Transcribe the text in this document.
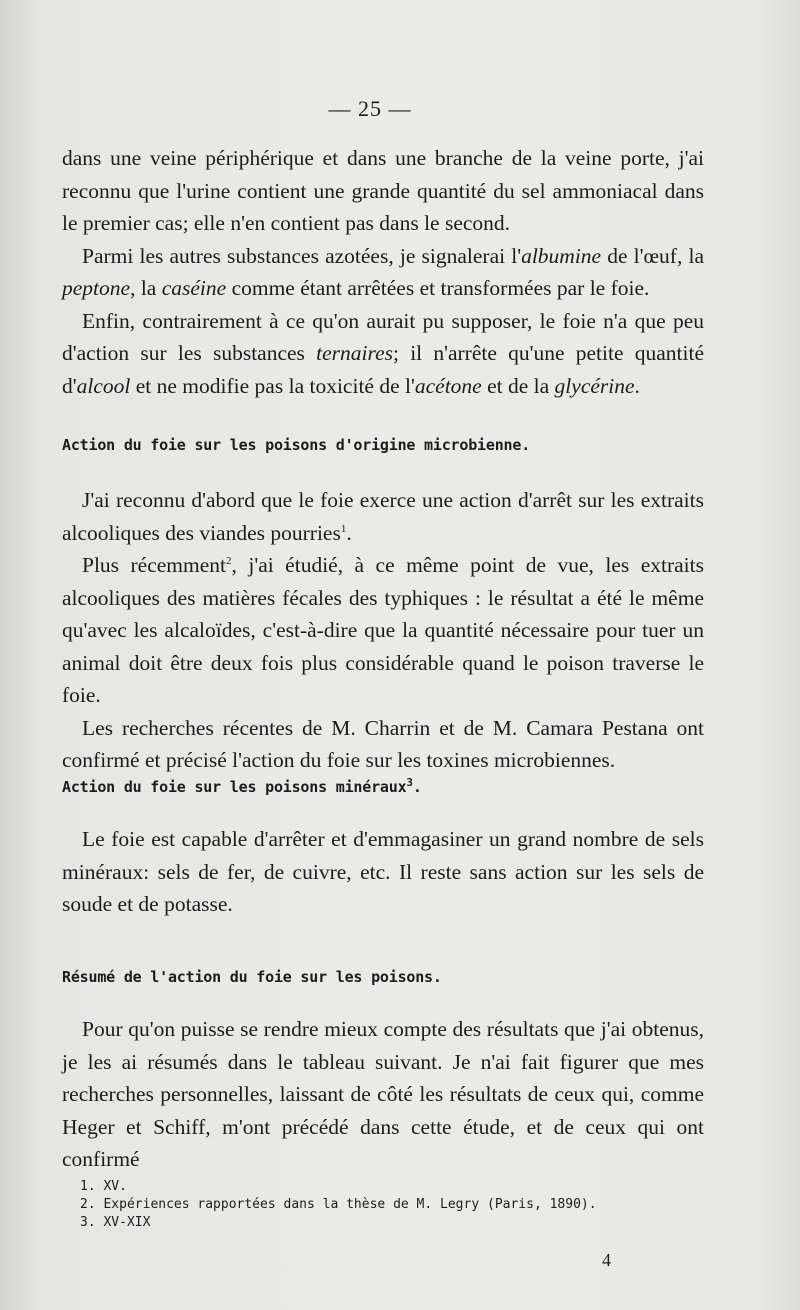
— 25 —

dans une veine périphérique et dans une branche de la veine porte, j'ai reconnu que l'urine contient une grande quantité du sel ammoniacal dans le premier cas; elle n'en contient pas dans le second.

Parmi les autres substances azotées, je signalerai l'albumine de l'œuf, la peptone, la caséine comme étant arrêtées et transformées par le foie.

Enfin, contrairement à ce qu'on aurait pu supposer, le foie n'a que peu d'action sur les substances ternaires; il n'arrête qu'une petite quantité d'alcool et ne modifie pas la toxicité de l'acétone et de la glycérine.

Action du foie sur les poisons d'origine microbienne.

J'ai reconnu d'abord que le foie exerce une action d'arrêt sur les extraits alcooliques des viandes pourries$^1$.

Plus récemment$^2$, j'ai étudié, à ce même point de vue, les extraits alcooliques des matières fécales des typhiques : le résultat a été le même qu'avec les alcaloïdes, c'est-à-dire que la quantité nécessaire pour tuer un animal doit être deux fois plus considérable quand le poison traverse le foie.

Les recherches récentes de M. Charrin et de M. Camara Pestana ont confirmé et précisé l'action du foie sur les toxines microbiennes.

Action du foie sur les poisons minéraux$^3$.

Le foie est capable d'arrêter et d'emmagasiner un grand nombre de sels minéraux: sels de fer, de cuivre, etc. Il reste sans action sur les sels de soude et de potasse.

Résumé de l'action du foie sur les poisons.

Pour qu'on puisse se rendre mieux compte des résultats que j'ai obtenus, je les ai résumés dans le tableau suivant. Je n'ai fait figurer que mes recherches personnelles, laissant de côté les résultats de ceux qui, comme Heger et Schiff, m'ont précédé dans cette étude, et de ceux qui ont confirmé

1. XV.
2. Expériences rapportées dans la thèse de M. Legry (Paris, 1890).
3. XV-XIX
4
